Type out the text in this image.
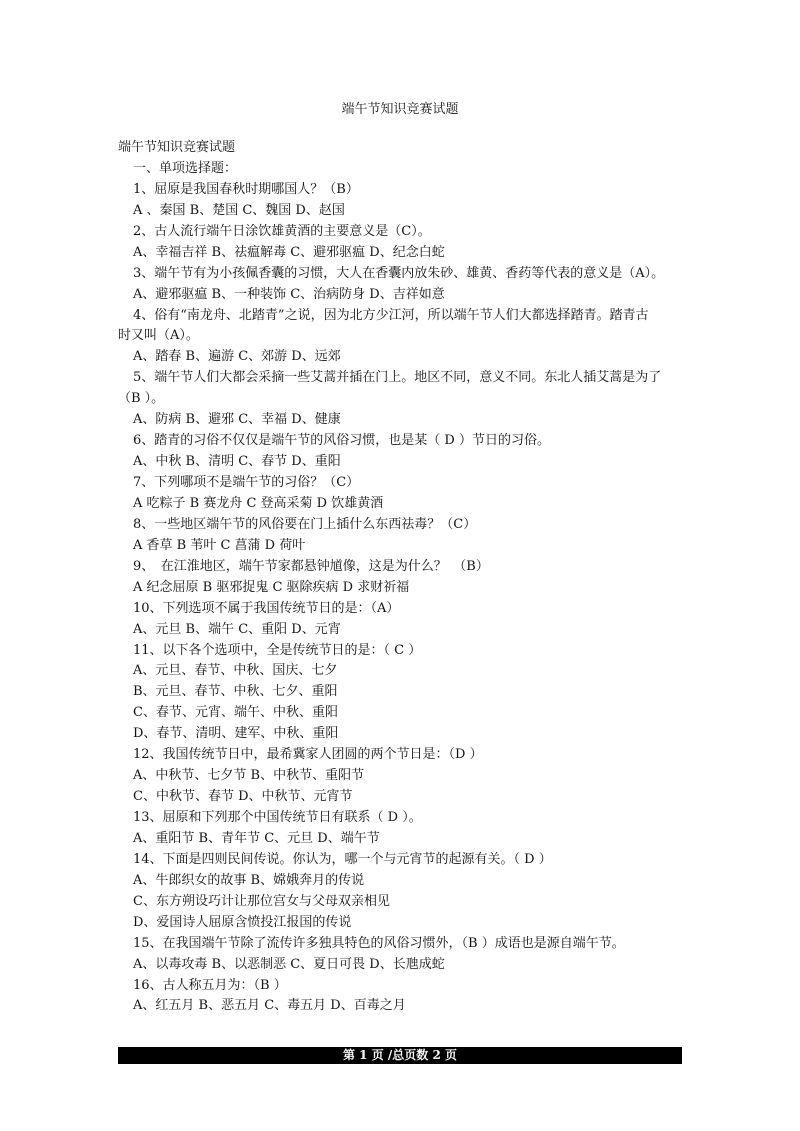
端午节知识竞赛试题
端午节知识竞赛试题
一、单项选择题：
1、屈原是我国春秋时期哪国人？（B）
A 、秦国 B、楚国 C、魏国 D、赵国
2、古人流行端午日涂饮雄黄酒的主要意义是（C）。
A、幸福吉祥 B、祛瘟解毒 C、避邪驱瘟 D、纪念白蛇
3、端午节有为小孩佩香囊的习惯，大人在香囊内放朱砂、雄黄、香药等代表的意义是（A）。
A、避邪驱瘟 B、一种装饰 C、治病防身 D、吉祥如意
4、俗有“南龙舟、北踏青”之说，因为北方少江河，所以端午节人们大都选择踏青。踏青古
时又叫（A）。
A、踏春 B、遍游 C、郊游 D、远郊
5、端午节人们大都会采摘一些艾蒿并插在门上。地区不同，意义不同。东北人插艾蒿是为了
（B ）。
A、防病 B、避邪 C、幸福 D、健康
6、踏青的习俗不仅仅是端午节的风俗习惯，也是某（ D ）节日的习俗。
A、中秋 B、清明 C、春节 D、重阳
7、下列哪项不是端午节的习俗？（C）
A 吃粽子 B 赛龙舟 C 登高采菊 D 饮雄黄酒
8、一些地区端午节的风俗要在门上插什么东西祛毒？（C）
A 香草 B 苇叶 C 菖蒲 D 荷叶
9、　在江淮地区，端午节家都悬钟馗像，这是为什么？　（B）
A 纪念屈原 B 驱邪捉鬼 C 驱除疾病 D 求财祈福
10、下列选项不属于我国传统节日的是：（A）
A、元旦 B、端午 C、重阳 D、元宵
11、以下各个选项中，全是传统节日的是：（ C ）
A、元旦、春节、中秋、国庆、七夕
B、元旦、春节、中秋、七夕、重阳
C、春节、元宵、端午、中秋、重阳
D、春节、清明、建军、中秋、重阳
12、我国传统节日中，最希冀家人团圆的两个节日是：（D ）
A、中秋节、七夕节 B、中秋节、重阳节
C、中秋节、春节 D、中秋节、元宵节
13、屈原和下列那个中国传统节日有联系（ D ）。
A、重阳节 B、青年节 C、元旦 D、端午节
14、下面是四则民间传说。你认为，哪一个与元宵节的起源有关。（ D ）
A、牛郎织女的故事 B、嫦娥奔月的传说
C、东方朔设巧计让那位宫女与父母双亲相见
D、爱国诗人屈原含愤投江报国的传说
15、在我国端午节除了流传许多独具特色的风俗习惯外，（B ）成语也是源自端午节。
A、以毒攻毒 B、以恶制恶 C、夏日可畏 D、长虺成蛇
16、古人称五月为：（B ）
A、红五月 B、恶五月 C、毒五月 D、百毒之月
第 1 页 /总页数 2 页
